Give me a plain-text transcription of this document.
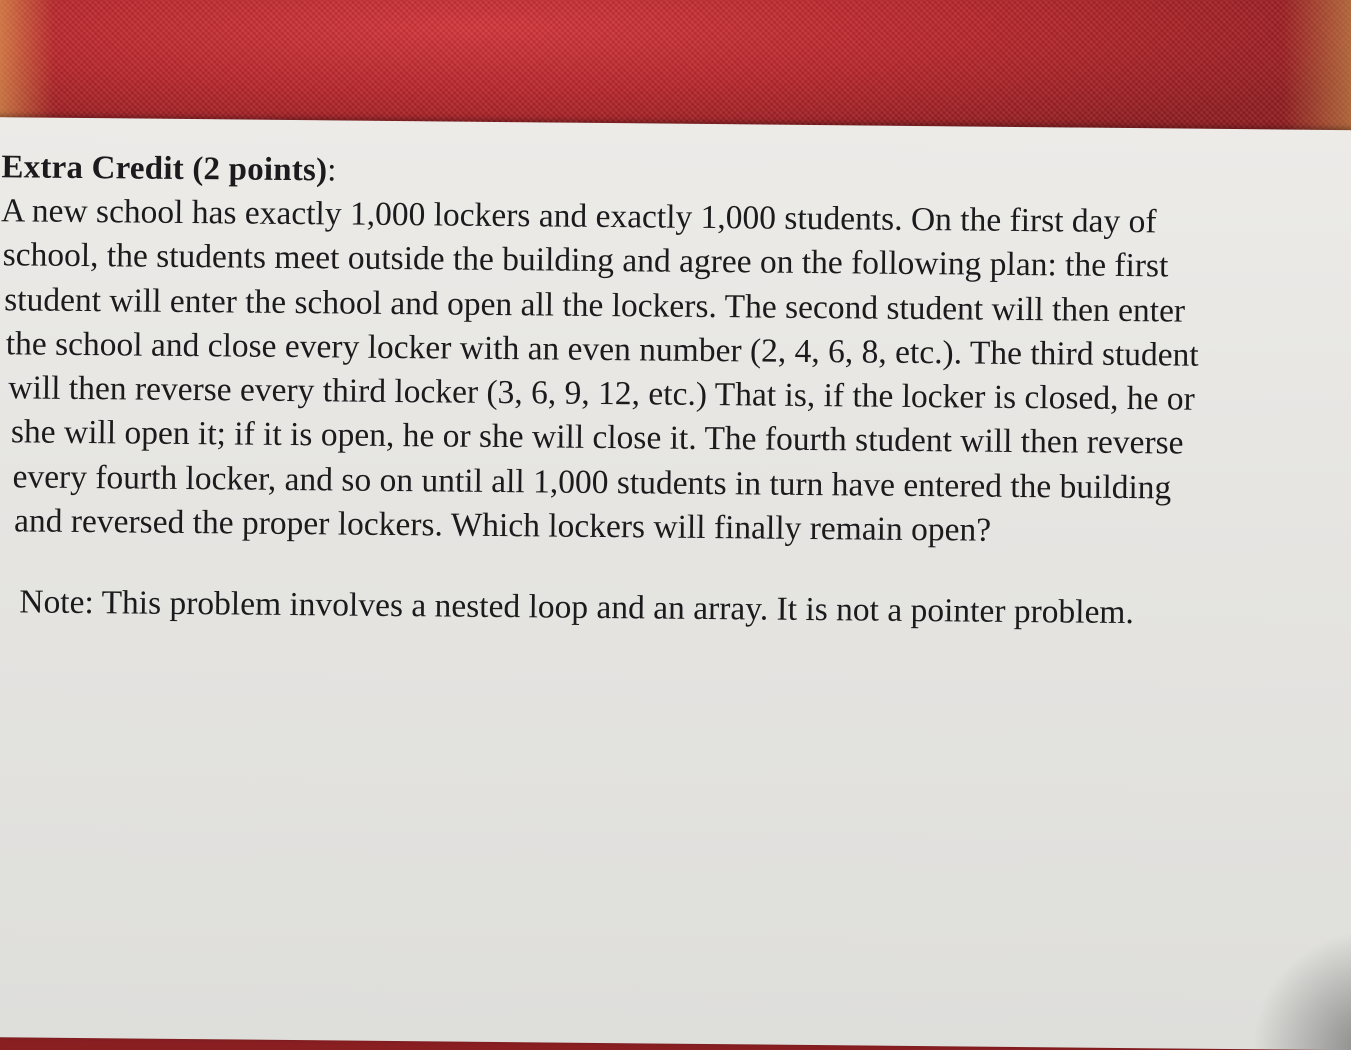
Extra Credit (2 points):

A new school has exactly 1,000 lockers and exactly 1,000 students. On the first day of

school, the students meet outside the building and agree on the following plan: the first

student will enter the school and open all the lockers. The second student will then enter

the school and close every locker with an even number (2, 4, 6, 8, etc.). The third student

will then reverse every third locker (3, 6, 9, 12, etc.) That is, if the locker is closed, he or

she will open it; if it is open, he or she will close it. The fourth student will then reverse

every fourth locker, and so on until all 1,000 students in turn have entered the building

and reversed the proper lockers. Which lockers will finally remain open?

Note: This problem involves a nested loop and an array. It is not a pointer problem.
